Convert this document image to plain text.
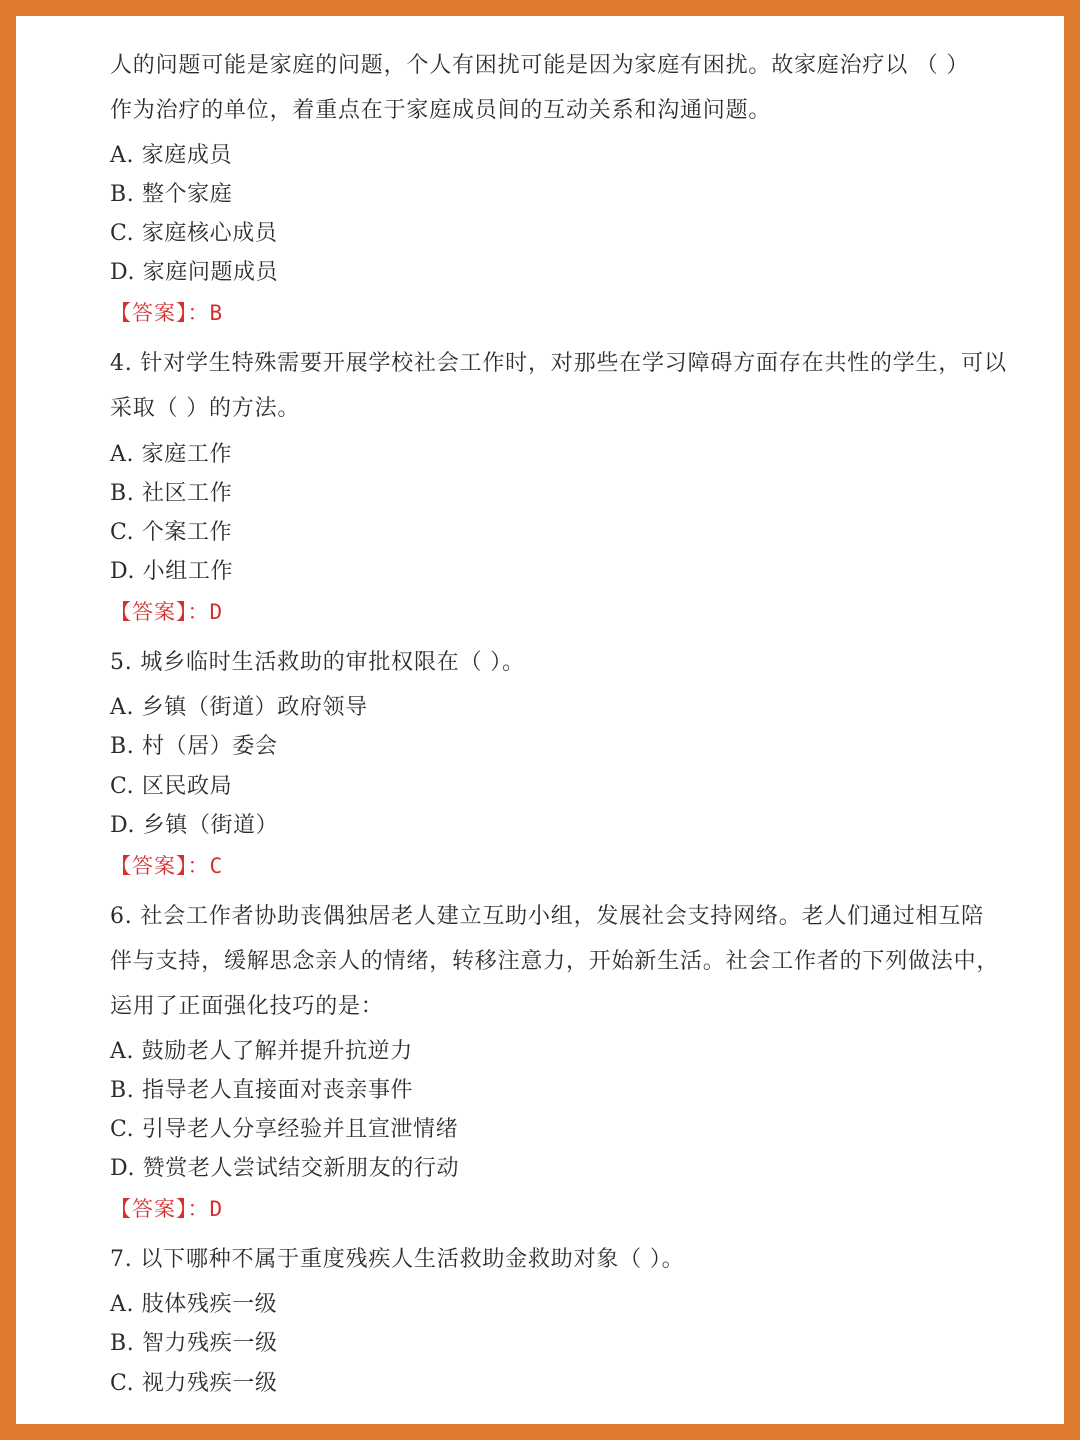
人的问题可能是家庭的问题，个人有困扰可能是因为家庭有困扰。故家庭治疗以 （ ）
作为治疗的单位，着重点在于家庭成员间的互动关系和沟通问题。
A. 家庭成员
B. 整个家庭
C. 家庭核心成员
D. 家庭问题成员
【答案】：B
4. 针对学生特殊需要开展学校社会工作时，对那些在学习障碍方面存在共性的学生，可以
采取（ ）的方法。
A. 家庭工作
B. 社区工作
C. 个案工作
D. 小组工作
【答案】：D
5. 城乡临时生活救助的审批权限在（ ）。
A. 乡镇（街道）政府领导
B. 村（居）委会
C. 区民政局
D. 乡镇（街道）
【答案】：C
6. 社会工作者协助丧偶独居老人建立互助小组，发展社会支持网络。老人们通过相互陪
伴与支持，缓解思念亲人的情绪，转移注意力，开始新生活。社会工作者的下列做法中，
运用了正面强化技巧的是：
A. 鼓励老人了解并提升抗逆力
B. 指导老人直接面对丧亲事件
C. 引导老人分享经验并且宣泄情绪
D. 赞赏老人尝试结交新朋友的行动
【答案】：D
7. 以下哪种不属于重度残疾人生活救助金救助对象（ ）。
A. 肢体残疾一级
B. 智力残疾一级
C. 视力残疾一级
